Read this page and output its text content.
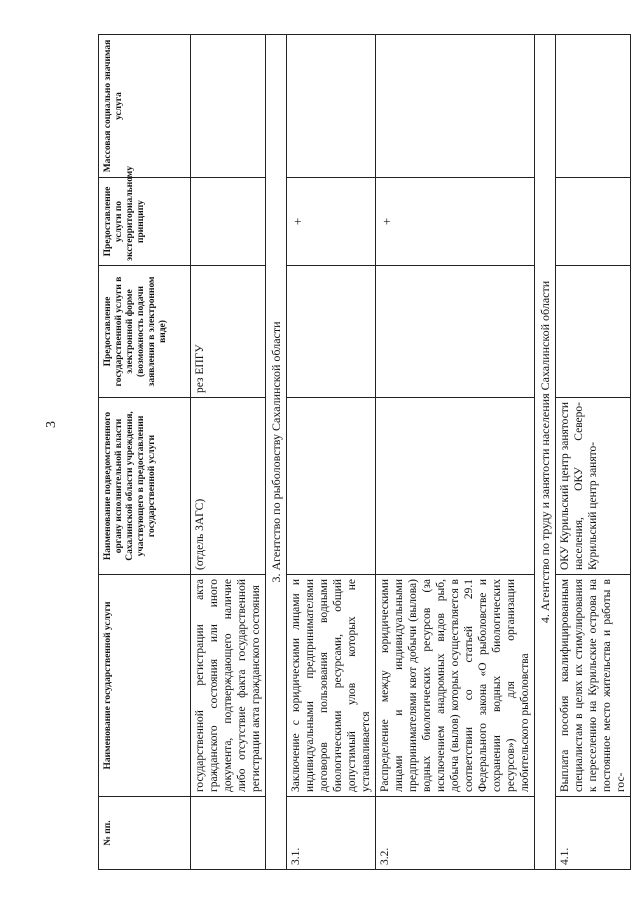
3
№ пп.	Наименование государственной услуги	Наименование подведомственного органу исполнительной власти Сахалинской области учреждения, участвующего в предоставлении государственной услуги	Предоставление государственной услуги в электронной форме (возможность подачи заявления в электронном виде)	Предоставление услуги по экстерриториальному принципу	Массовая социально значимая услуга
	государственной регистрации акта гражданского состояния или иного документа, подтверждающего наличие либо отсутствие факта государственной регистрации акта гражданского состояния	(отдель ЗАГС)	рез ЕПГУ		
3. Агентство по рыболовству Сахалинской области					
3.1.	Заключение с юридическими лицами и индивидуальными предпринимателями договоров пользования водными биологическими ресурсами, общий допустимый улов которых не устанавливается			+	
3.2.	Распределение между юридическими лицами и индивидуальными предпринимателями квот добычи (вылова) водных биологических ресурсов (за исключением анадромных видов рыб, добыча (вылов) которых осуществляется в соответствии со статьей 29.1 Федерального закона «О рыболовстве и сохранении водных биологических ресурсов») для организации любительского рыболовства			+	
4. Агентство по труду и занятости населения Сахалинской области					
4.1.	Выплата пособия квалифицированным специалистам в целях их стимулирования к переселению на Курильские острова на постоянное место жительства и работы в гос-	ОКУ Курильский центр занятости населения, ОКУ Северо-Курильский центр занято-			
